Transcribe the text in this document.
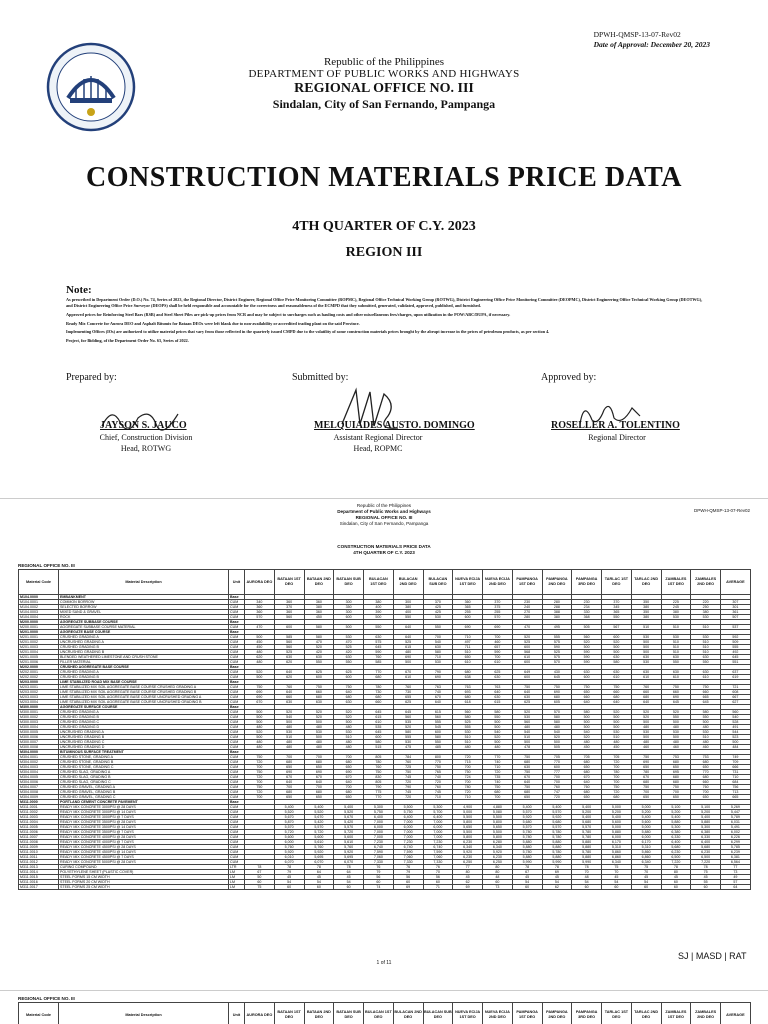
DPWH-QMSP-13-07-Rev02
Date of Approval: December 20, 2023
Republic of the Philippines
DEPARTMENT OF PUBLIC WORKS AND HIGHWAYS
REGIONAL OFFICE NO. III
Sindalan, City of San Fernando, Pampanga
CONSTRUCTION MATERIALS PRICE DATA
4TH QUARTER OF C.Y. 2023
REGION III
Note:

As prescribed in Department Order (D.O.) No. 74, Series of 2023, the Regional Director, District Engineer, Regional Office Price Monitoring Committee (ROPMC), Regional Office Technical Working Group (ROTWG), District Engineering Office Price Monitoring Committee (DEOPMC), District Engineering Office Technical Working Group (DEOTWG), and District Engineering Office Price Surveyor (DEOPS) shall be held responsible and accountable for the correctness and reasonableness of the ECMPD that they submitted, generated, validated, approved, published, and furnished.

Approved prices for Reinforcing Steel Bars (RSB) and Steel Sheet Piles are pick-up prices from NCR and may be subject to surcharges such as hauling costs and other miscellaneous fees/charges, upon utilization in the POW/ABC/DUPA, if necessary.

Ready Mix Concrete for Aurora DEO and Asphalt Bitumix for Bataan DEOs were left blank due to non-availability or accredited trading plant on the said Province.

Implementing Offices (IOs) are authorized to utilize material prices that vary from those reflected in the quarterly issued CMPD due to the volatility of some construction materials prices brought by the abrupt increase in the prices of petroleum products, as per section 4.

Project, for Bidding, of the Department Order No. 63, Series of 2022.

Prepared by:
JAYSON S. JAUCO
Chief, Construction Division
Head, ROTWG
Submitted by:
MELQUIADES AUSTO. DOMINGO
Assistant Regional Director
Head, ROPMC
Approved by:
ROSELLER A. TOLENTINO
Regional Director
Republic of the Philippines
Department of Public Works and Highways
REGIONAL OFFICE NO. III
Sindalan, City of San Fernando, Pampanga
DPWH-QMSP-13-07-Rev02
CONSTRUCTION MATERIALS PRICE DATA
4TH QUARTER OF C.Y. 2023
REGIONAL OFFICE NO. III
Material Code	Material Description	Unit	AURORA DEO	BATAAN 1ST DEO	BATAAN 2ND DEO	BATAAN SUB DEO	BULACAN 1ST DEO	BULACAN 2ND DEO	BULACAN SUB DEO	NUEVA ECIJA 1ST DEO	NUEVA ECIJA 2ND DEO	PAMPANGA 1ST DEO	PAMPANGA 2ND DEO	PAMPANGA 3RD DEO	TARLAC 1ST DEO	TARLAC 2ND DEO	ZAMBALES 1ST DEO	ZAMBALES 2ND DEO	AVERAGE
M104.0000	EMBANKMENT	Base																	
M104.0001	COMMON BORROW	CUM	340	360	360	300	380	300	370	360	370	230	280	230	370	350	225	220	307
M104.0002	SELECTED BORROW	CUM	360	370	380	350	400	380	425	365	375	240	288	234	345	380	245	250	301
M104.0003	MIXED SAND & GRAVEL	CUM	360	360	360	300	390	400	425	255	255	270	388	330	365	350	380	380	361
M104.0004	ROCK	CUM	570	560	450	600	500	550	530	600	570	280	380	368	550	380	530	530	507
M200.0000	AGGREGATE SUBBASE COURSE	Base																	
M200.0001	AGGREGATE SUBBASE COURSE MATERIAL	CUM	470	600	580	500	550	640	550	690	690	470	495	505	567	510	510	510	537
M201.0000	AGGREGATE BASE COURSE	Base																	
M201.0001	CRUSHED GRADING A	CUM	500	585	580	530	630	640	700	710	700	520	555	560	600	530	530	530	592
M201.0002	UNCRUSHED GRADING A	CUM	450	560	470	470	575	525	540	497	460	525	575	520	520	500	510	510	509
M201.0003	CRUSHED GRADING B	CUM	450	560	520	525	645	615	630	711	657	600	590	500	500	500	510	510	555
M201.0004	UNCRUSHED GRADING B	CUM	480	525	420	420	590	480	580	510	590	568	525	590	500	500	510	510	492
M201.0005	BLENDED WEATHERED LIMESTONE AND CRUSH STONE	CUM	620	630	630	630	760	690	710	650	700	610	575	590	630	630	630	630	645
M201.0006	FILLER MATERIAL	CUM	480	620	550	550	585	500	530	610	610	600	570	590	580	530	550	550	551
M202.0000	CRUSHED AGGREGATE BASE COURSE	Base																	
M202.0001	CRUSHED GRADING A	CUM	520	640	625	625	770	670	790	680	625	649	430	630	630	630	630	630	637
M202.0002	CRUSHED GRADING B	CUM	500	620	600	600	680	610	690	638	630	600	645	600	610	610	610	610	619
M203.0000	LIME STABILIZED ROAD MIX BASE COURSE	Base																	
M203.0001	LIME STABILIZED MIX SOIL AGGREGATE BASE COURSE CRUSHED GRADING A	CUM	750	760	750	750	780	760	763	763	763	750	750	750	750	760	750	750	721
M203.0002	LIME STABILIZED MIX SOIL AGGREGATE BASE COURSE CRUSHED GRADING B	CUM	690	640	660	640	730	730	740	693	640	640	690	650	660	660	660	660	608
M203.0003	LIME STABILIZED MIX SOIL AGGREGATE BASE COURSE UNCRUSHED GRADING A	CUM	690	660	680	680	680	655	670	680	630	630	680	660	680	680	690	665	667
M203.0004	LIME STABILIZED MIX SOIL AGGREGATE BASE COURSE UNCRUSHED GRADING B	CUM	670	630	630	630	660	625	640	618	615	625	605	640	640	640	645	645	627
M300.0000	AGGREGATE SURFACE COURSE	Base																	
M300.0001	CRUSHED GRADING A	CUM	500	520	520	520	645	645	615	560	580	520	570	580	520	520	520	580	560
M300.0002	CRUSHED GRADING B	CUM	500	540	520	520	615	560	560	580	550	530	580	500	500	520	550	550	540
M300.0003	CRUSHED GRADING C	CUM	500	500	500	500	610	535	555	525	500	560	580	500	500	500	500	500	528
M300.0004	CRUSHED GRADING D	CUM	480	480	480	480	535	520	545	555	500	480	480	500	500	480	480	480	491
M300.0005	UNCRUSHED GRADING A	CUM	520	530	530	530	645	580	600	530	540	540	540	540	530	530	530	530	544
M300.0006	UNCRUSHED GRADING B	CUM	500	510	500	510	600	555	580	510	520	510	520	520	510	500	500	510	523
M300.0007	UNCRUSHED GRADING C	CUM	480	480	480	480	580	530	550	510	500	500	500	480	480	480	480	480	500
M300.0008	UNCRUSHED GRADING D	CUM	480	480	480	480	515	475	485	480	480	478	505	450	450	460	460	460	484
M304.0000	BITUMINOUS SURFACE TREATMENT	Base																	
M304.0001	CRUSHED STONE, GRADING A	CUM	750	700	700	700	805	784	800	720	770	750	705	705	705	750	753	753	749
M304.0002	CRUSHED STONE, GRADING B	CUM	720	680	680	680	780	760	770	715	740	680	770	680	720	690	680	680	709
M304.0003	CRUSHED STONE, GRADING C	CUM	700	650	650	650	760	725	750	700	710	630	600	650	700	650	650	650	666
M304.0004	CRUSHED SLAG, GRADING A	CUM	750	690	690	690	750	750	765	750	720	750	777	680	780	780	695	770	731
M304.0005	CRUSHED SLAG, GRADING B	CUM	720	670	670	670	830	745	740	724	735	670	700	670	700	670	680	680	710
M304.0006	CRUSHED SLAG, GRADING C	CUM	700	640	640	640	805	720	720	700	740	640	700	640	700	680	680	660	684
M304.0007	CRUSHED GRAVEL, GRADING A	CUM	750	700	700	700	790	790	760	780	750	750	760	760	750	750	750	760	756
M304.0008	CRUSHED GRAVEL, GRADING B	CUM	720	680	680	680	775	745	745	720	680	680	747	680	720	700	700	700	713
M304.0009	CRUSHED GRAVEL, GRADING C	CUM	700	650	650	650	770	720	710	710	700	650	720	650	680	650	650	650	665
M311.0000	PORTLAND CEMENT CONCRETE PAVEMENT	Base																	
M311.0001	READY MIX CONCRETE 3000PSI @ 28 DAYS	CUM		5,400	5,400	5,400	5,300	5,500	5,300	4,900	4,880	5,400	5,400	5,400	5,000	5,000	5,100	5,100	5,269
M311.0002	READY MIX CONCRETE 3000PSI @ 14 DAYS	CUM		5,520	5,520	5,520	5,750	5,750	5,700	5,000	5,080	5,570	5,570	5,200	5,200	5,200	5,200	5,200	5,447
M311.0003	READY MIX CONCRETE 3000PSI @ 7 DAYS	CUM		5,670	5,670	5,670	6,400	6,400	6,400	5,500	5,500	5,920	5,920	5,400	5,400	5,400	5,400	5,400	5,789
M311.0004	READY MIX CONCRETE 3500PSI @ 28 DAYS	CUM		5,870	5,420	5,420	7,000	7,000	7,000	5,800	5,800	5,680	5,680	5,680	5,600	5,600	5,880	5,880	6,031
M311.0005	READY MIX CONCRETE 3500PSI @ 14 DAYS	CUM		5,570	5,570	5,570	6,000	6,000	6,000	5,650	5,650	5,570	5,570	5,570	5,000	5,000	5,300	5,300	5,491
M311.0006	READY MIX CONCRETE 3500PSI @ 7 DAYS	CUM		5,720	5,720	5,720	7,000	7,000	7,000	5,500	5,500	5,780	5,780	5,780	5,880	5,880	6,380	6,380	6,002
M311.0007	READY MIX CONCRETE 4000PSI @ 28 DAYS	CUM		5,600	5,600	5,600	7,000	7,000	7,000	5,800	5,800	5,780	5,780	5,780	6,000	6,000	6,330	6,330	6,226
M311.0008	READY MIX CONCRETE 4000PSI @ 7 DAYS	CUM		6,000	5,610	5,610	7,230	7,230	7,230	6,230	6,280	5,880	5,880	5,880	6,170	6,170	6,400	6,400	6,299
M311.0009	READY MIX CONCRETE 4500PSI @ 28 DAYS	CUM		5,760	5,760	5,760	6,740	6,740	6,740	6,340	6,340	5,880	5,880	5,880	5,310	5,310	5,680	5,680	5,785
M311.0010	READY MIX CONCRETE 4500PSI @ 14 DAYS	CUM		5,920	5,920	5,920	7,590	7,590	7,590	5,920	5,920	5,780	5,780	5,780	5,860	5,860	6,230	6,230	6,239
M311.0011	READY MIX CONCRETE 4500PSI @ 7 DAYS	CUM		6,010	5,695	5,695	7,060	7,060	7,060	6,230	6,230	5,880	5,880	5,880	6,860	6,860	6,500	6,500	6,381
M311.0012	READY MIX CONCRETE 5000PSI @ 28 DAYS	CUM		6,070	6,070	6,070	7,330	7,330	7,330	6,250	6,250	5,990	5,990	5,990	6,340	6,340	7,220	7,220	6,564
M311.0013	CURING COMPOUND	LTR	78	78	78	78	76	76	76	77	80	78	78	78	75	75	78	78	77
M311.0014	POLYETHYLENE SHEET (PLASTIC COVER)	LM	67	79	64	64	79	79	70	80	80	67	69	70	70	70	80	75	73
M311.0015	STEEL FORMS 15 CM WIDTH	LM	50	45	45	45	56	56	56	45	48	45	45	48	45	45	45	45	49
M311.0016	STEEL FORMS 20 CM WIDTH	LM	60	54	54	54	60	60	60	62	60	54	54	54	54	54	60	55	57
M311.0017	STEEL FORMS 25 CM WIDTH	LM	75	60	60	60	74	69	71	69	73	60	62	60	60	60	60	60	64
1 of 11
SJ | MASD | RAT
REGIONAL OFFICE NO. III
Material Code	Material Description	Unit	AURORA DEO	BATAAN 1ST DEO	BATAAN 2ND DEO	BATAAN SUB DEO	BULACAN 1ST DEO	BULACAN 2ND DEO	BULACAN SUB DEO	NUEVA ECIJA 1ST DEO	NUEVA ECIJA 2ND DEO	PAMPANGA 1ST DEO	PAMPANGA 2ND DEO	PAMPANGA 3RD DEO	TARLAC 1ST DEO	TARLAC 2ND DEO	ZAMBALES 1ST DEO	ZAMBALES 2ND DEO	AVERAGE
